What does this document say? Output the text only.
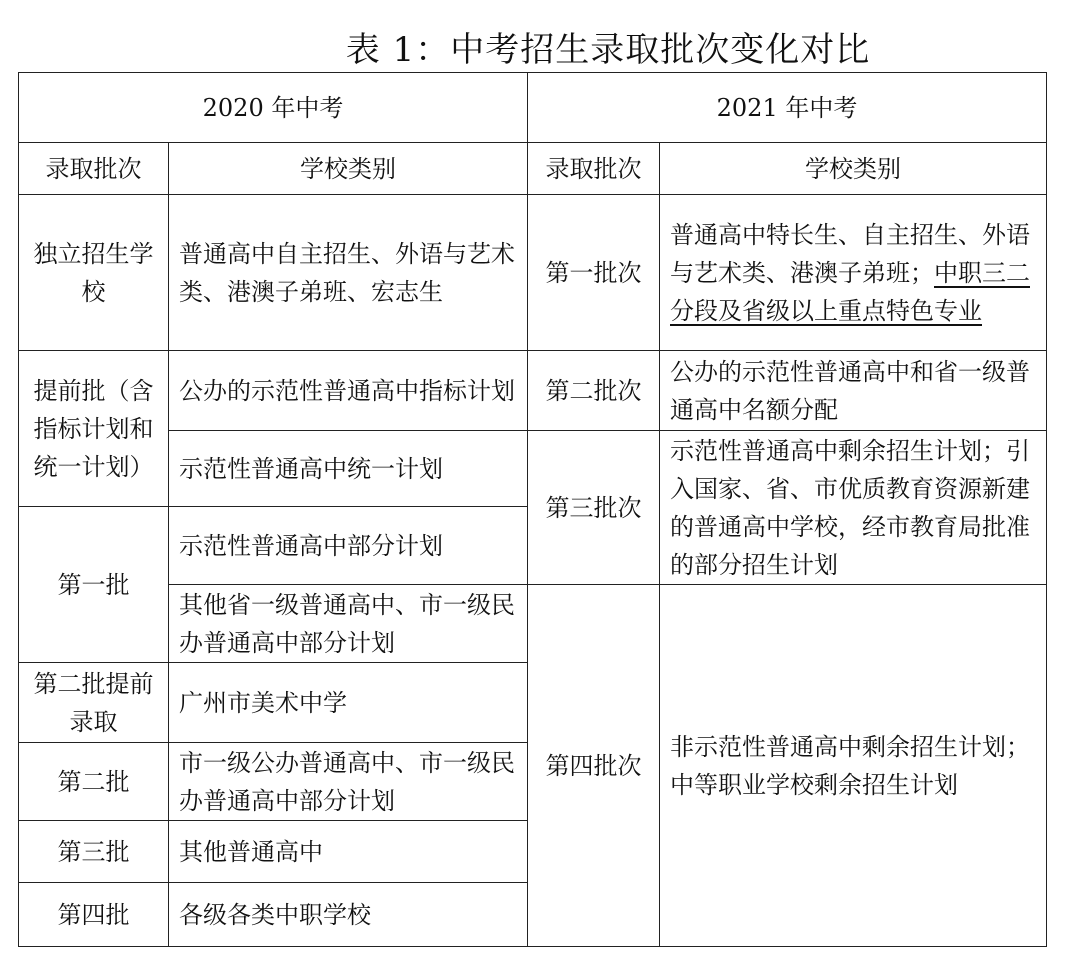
表 1：中考招生录取批次变化对比
2020 年中考		2021 年中考	
录取批次	学校类别	录取批次	学校类别
独立招生学校	普通高中自主招生、外语与艺术类、港澳子弟班、宏志生	第一批次	普通高中特长生、自主招生、外语与艺术类、港澳子弟班；中职三二分段及省级以上重点特色专业
提前批（含指标计划和统一计划）	公办的示范性普通高中指标计划	第二批次	公办的示范性普通高中和省一级普通高中名额分配
	示范性普通高中统一计划	第三批次	示范性普通高中剩余招生计划；引入国家、省、市优质教育资源新建的普通高中学校，经市教育局批准的部分招生计划
第一批	示范性普通高中部分计划		
	其他省一级普通高中、市一级民办普通高中部分计划	第四批次	非示范性普通高中剩余招生计划；中等职业学校剩余招生计划
第二批提前录取	广州市美术中学		
第二批	市一级公办普通高中、市一级民办普通高中部分计划		
第三批	其他普通高中		
第四批	各级各类中职学校		
